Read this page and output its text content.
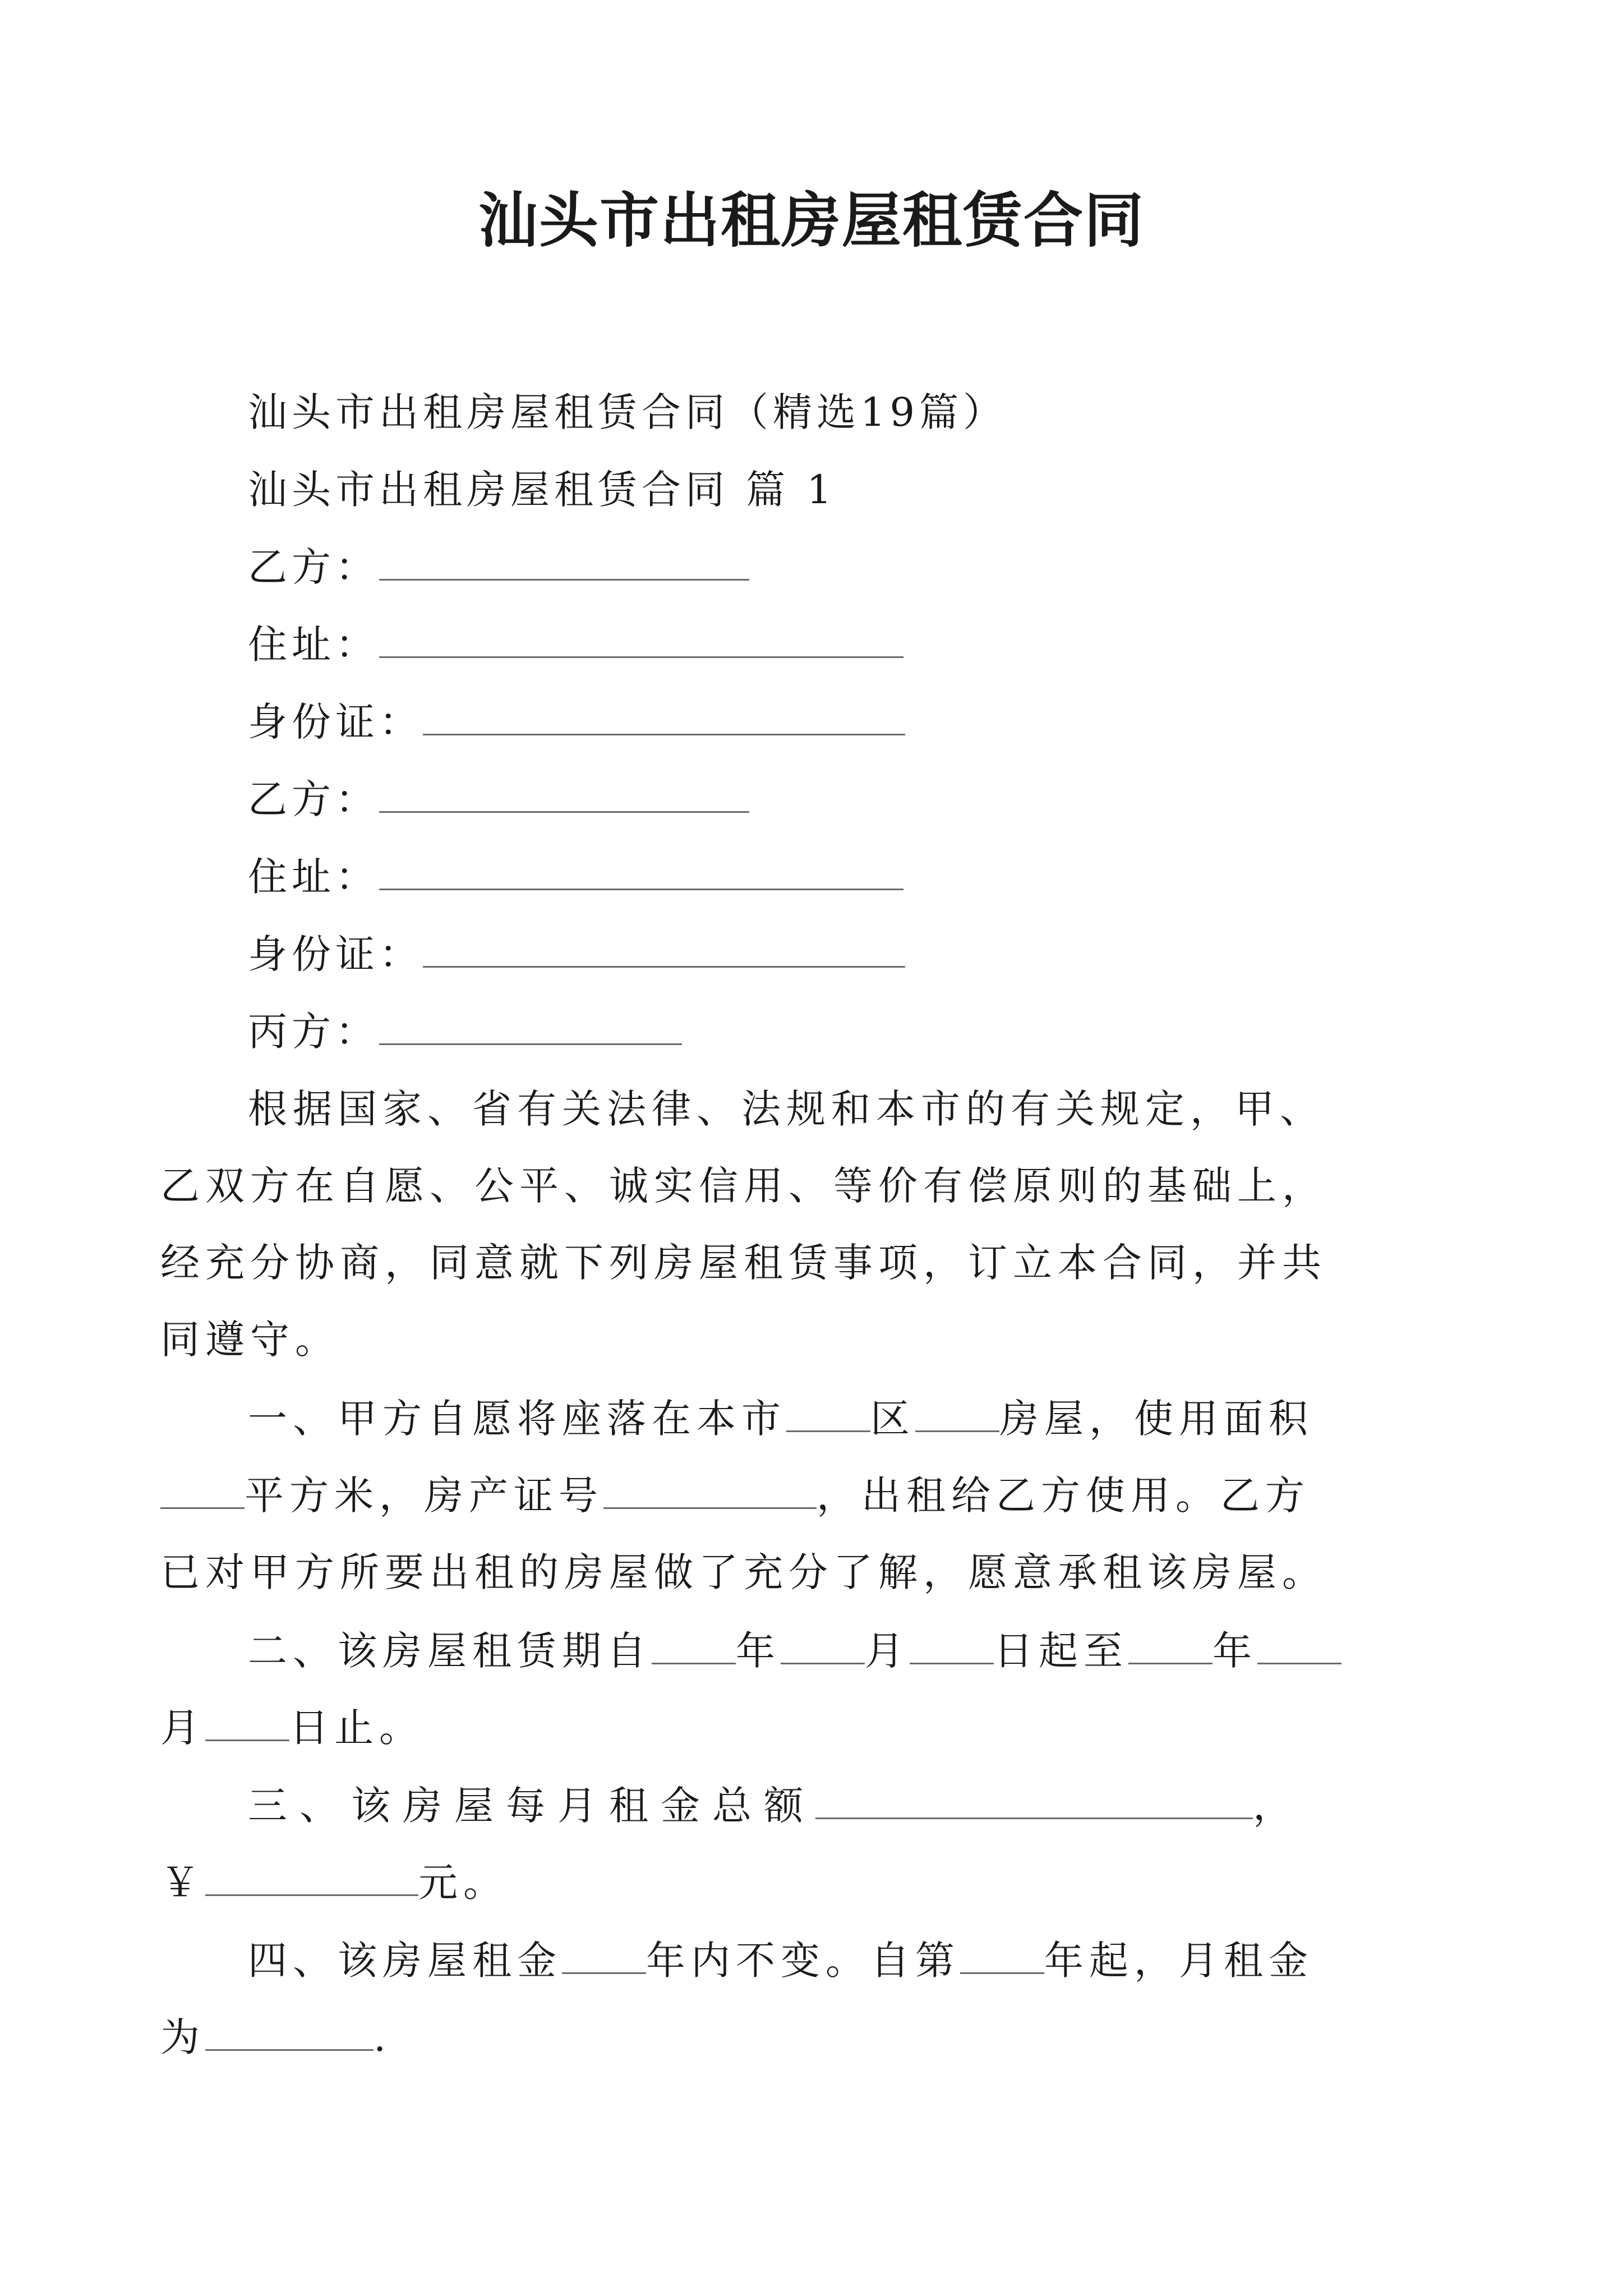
汕头市出租房屋租赁合同
汕头市出租房屋租赁合同（精选19篇）
汕头市出租房屋租赁合同 篇 1
乙方：
住址：
身份证：
乙方：
住址：
身份证：
丙方：
根据国家、省有关法律、法规和本市的有关规定，甲、
乙双方在自愿、公平、诚实信用、等价有偿原则的基础上，
经充分协商，同意就下列房屋租赁事项，订立本合同，并共
同遵守。
一、甲方自愿将座落在本市 区 房屋，使用面积
平方米，房产证号	，出租给乙方使用。乙方
已对甲方所要出租的房屋做了充分了解，愿意承租该房屋。
二、该房屋租赁期自 年 月 日起至 年
月 日止。
三、该房屋每月租金总额	，
￥	元。
四、该房屋租金 年内不变。自第 年起，月租金
为	.
